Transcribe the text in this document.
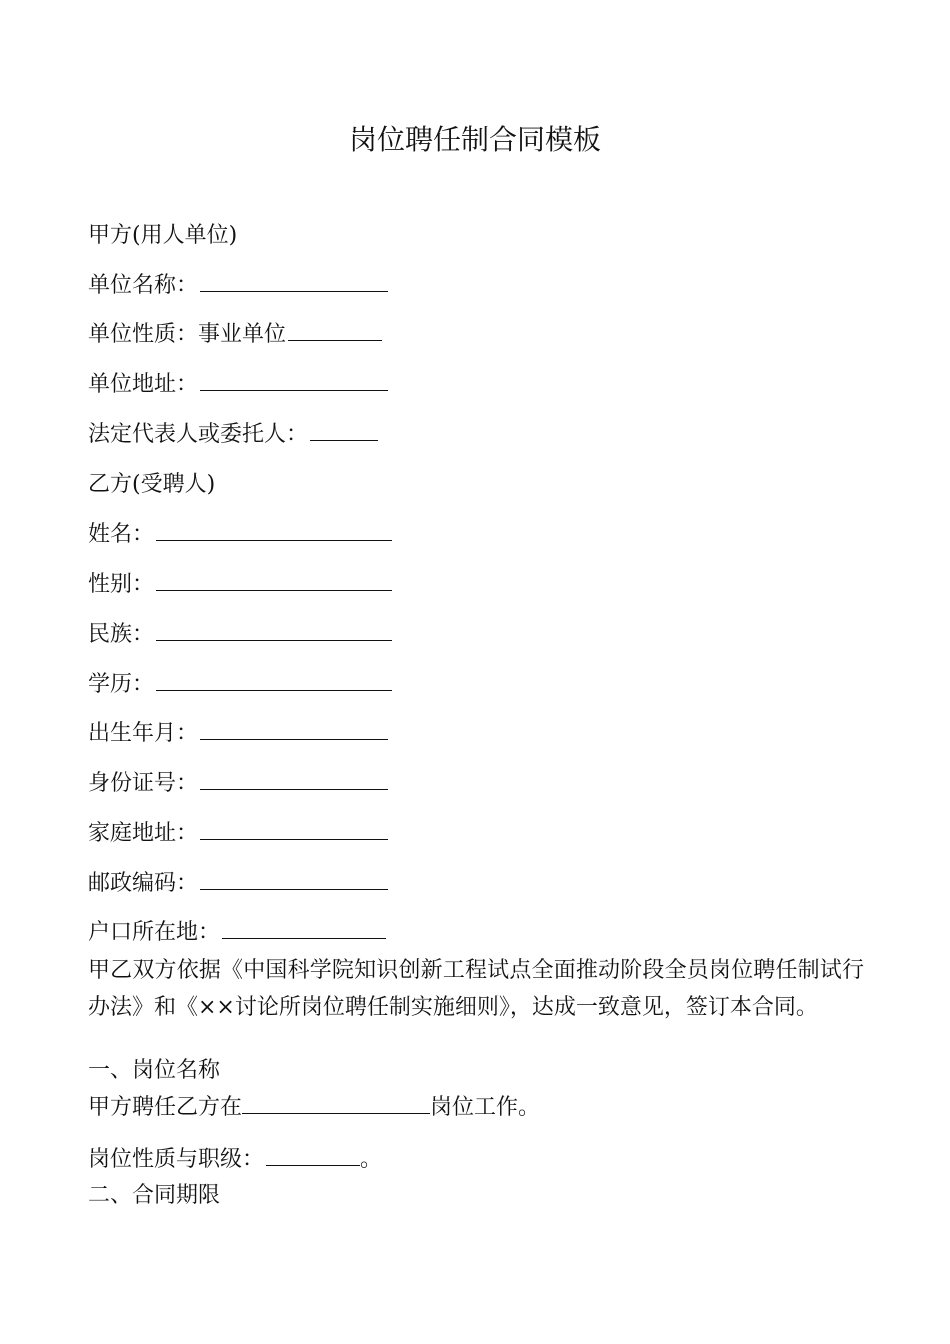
岗位聘任制合同模板
甲方(用人单位)
单位名称：
单位性质：事业单位
单位地址：
法定代表人或委托人：
乙方(受聘人)
姓名：
性别：
民族：
学历：
出生年月：
身份证号：
家庭地址：
邮政编码：
户口所在地：
甲乙双方依据《中国科学院知识创新工程试点全面推动阶段全员岗位聘任制试行办法》和《××讨论所岗位聘任制实施细则》，达成一致意见，签订本合同。
一、岗位名称
甲方聘任乙方在	岗位工作。
岗位性质与职级：	。
二、合同期限
